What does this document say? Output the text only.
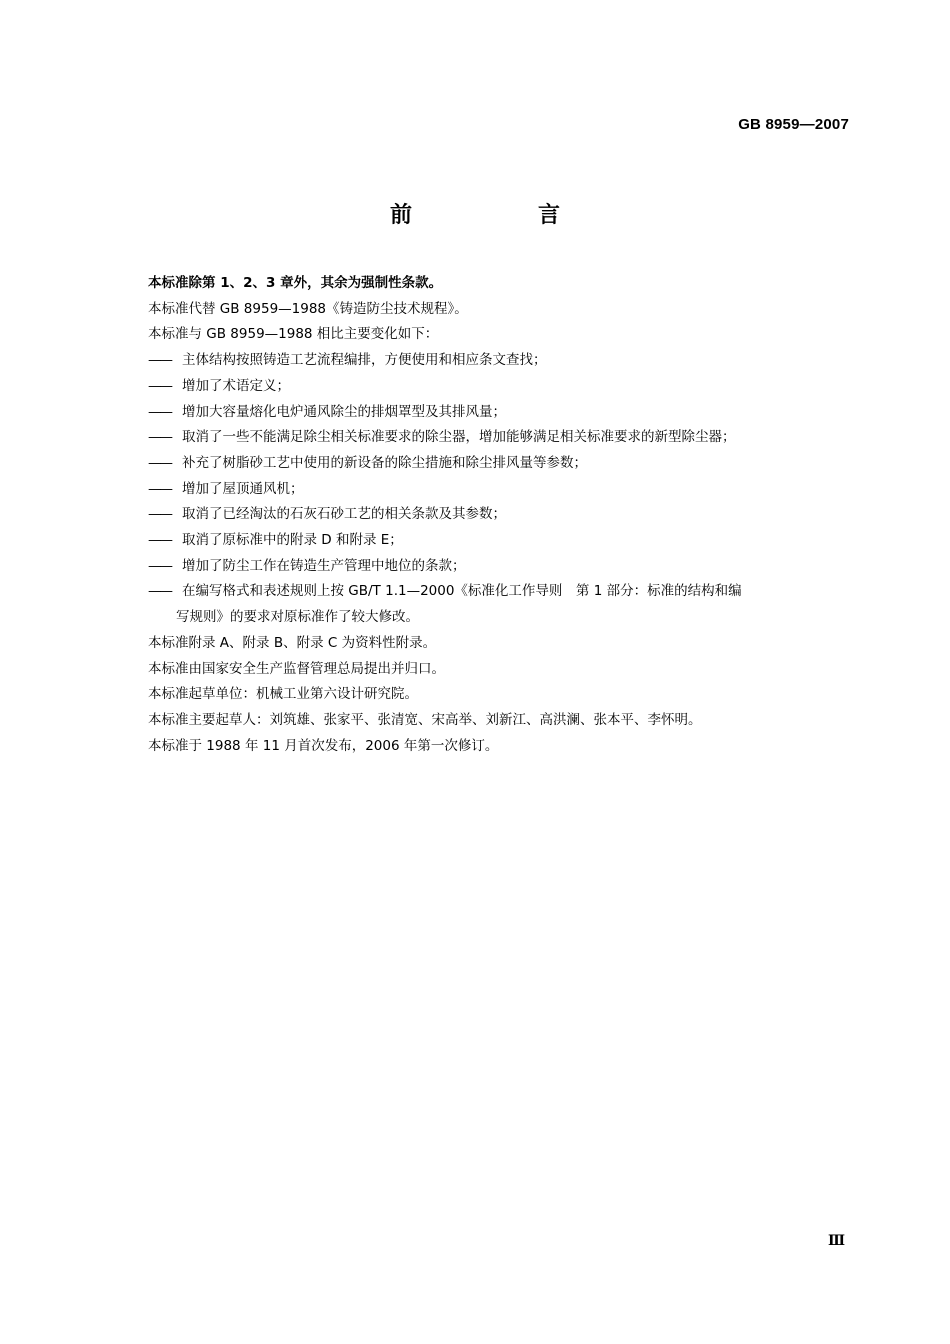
GB 8959—2007
前　言
本标准除第 1、2、3 章外，其余为强制性条款。
本标准代替 GB 8959—1988《铸造防尘技术规程》。
本标准与 GB 8959—1988 相比主要变化如下：
—— 主体结构按照铸造工艺流程编排，方便使用和相应条文查找；
—— 增加了术语定义；
—— 增加大容量熔化电炉通风除尘的排烟罩型及其排风量；
—— 取消了一些不能满足除尘相关标准要求的除尘器，增加能够满足相关标准要求的新型除尘器；
—— 补充了树脂砂工艺中使用的新设备的除尘措施和除尘排风量等参数；
—— 增加了屋顶通风机；
—— 取消了已经淘汰的石灰石砂工艺的相关条款及其参数；
—— 取消了原标准中的附录 D 和附录 E；
—— 增加了防尘工作在铸造生产管理中地位的条款；
—— 在编写格式和表述规则上按 GB/T 1.1—2000《标准化工作导则　第 1 部分：标准的结构和编
写规则》的要求对原标准作了较大修改。
本标准附录 A、附录 B、附录 C 为资料性附录。
本标准由国家安全生产监督管理总局提出并归口。
本标准起草单位：机械工业第六设计研究院。
本标准主要起草人：刘筑雄、张家平、张清宽、宋高举、刘新江、高洪澜、张本平、李怀明。
本标准于 1988 年 11 月首次发布，2006 年第一次修订。
Ⅲ
